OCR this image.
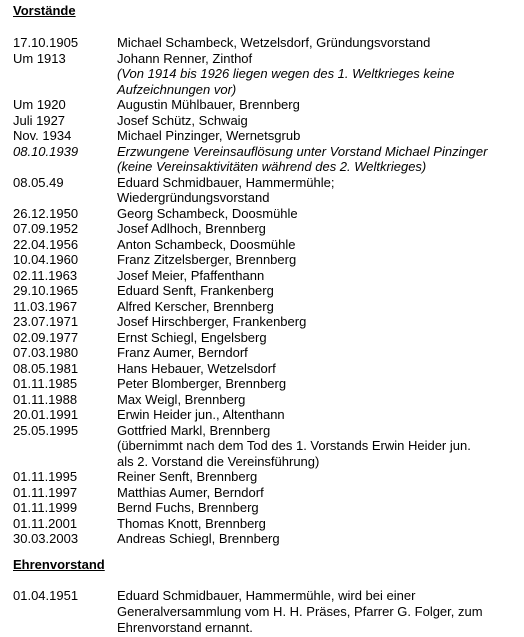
Vorstände
17.10.1905	Michael Schambeck, Wetzelsdorf, Gründungsvorstand
Um 1913	Johann Renner, Zinthof
(Von 1914 bis 1926 liegen wegen des 1. Weltkrieges keine
Aufzeichnungen vor)
Um 1920	Augustin Mühlbauer, Brennberg
Juli 1927	Josef Schütz, Schwaig
Nov. 1934	Michael Pinzinger, Wernetsgrub
08.10.1939	Erzwungene Vereinsauflösung unter Vorstand Michael Pinzinger
(keine Vereinsaktivitäten während des 2. Weltkrieges)
08.05.49	Eduard Schmidbauer, Hammermühle;
Wiedergründungsvorstand
26.12.1950	Georg Schambeck, Doosmühle
07.09.1952	Josef Adlhoch, Brennberg
22.04.1956	Anton Schambeck, Doosmühle
10.04.1960	Franz Zitzelsberger, Brennberg
02.11.1963	Josef Meier, Pfaffenthann
29.10.1965	Eduard Senft, Frankenberg
11.03.1967	Alfred Kerscher, Brennberg
23.07.1971	Josef Hirschberger, Frankenberg
02.09.1977	Ernst Schiegl, Engelsberg
07.03.1980	Franz Aumer, Berndorf
08.05.1981	Hans Hebauer, Wetzelsdorf
01.11.1985	Peter Blomberger, Brennberg
01.11.1988	Max Weigl, Brennberg
20.01.1991	Erwin Heider jun., Altenthann
25.05.1995	Gottfried Markl, Brennberg
(übernimmt nach dem Tod des 1. Vorstands Erwin Heider jun.
als 2. Vorstand die Vereinsführung)
01.11.1995	Reiner Senft, Brennberg
01.11.1997	Matthias Aumer, Berndorf
01.11.1999	Bernd Fuchs, Brennberg
01.11.2001	Thomas Knott, Brennberg
30.03.2003	Andreas Schiegl, Brennberg
Ehrenvorstand
01.04.1951	Eduard Schmidbauer, Hammermühle, wird bei einer
Generalversammlung vom H. H. Präses, Pfarrer G. Folger, zum
Ehrenvorstand ernannt.
